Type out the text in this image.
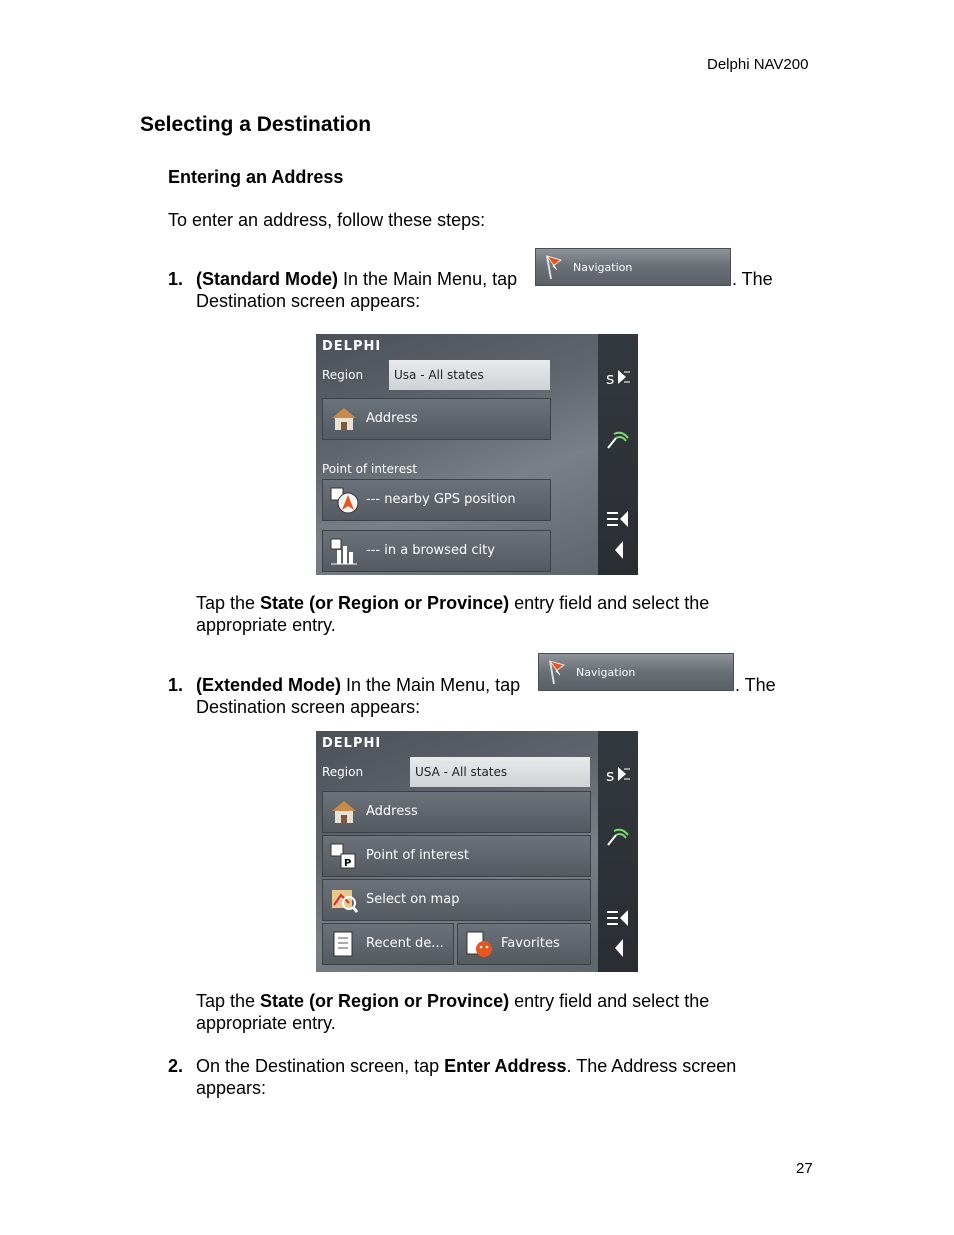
Delphi NAV200
Selecting a Destination
Entering an Address
To enter an address, follow these steps:
1. (Standard Mode) In the Main Menu, tap
Navigation
. The
Destination screen appears:
DELPHI
Region	Usa - All states
Address
Point of interest
--- nearby GPS position
--- in a browsed city
s
Tap the State (or Region or Province) entry field and select the
appropriate entry.
1. (Extended Mode) In the Main Menu, tap
Navigation
. The
Destination screen appears:
DELPHI
Region	USA - All states
Address
P
Point of interest
Select on map
Recent de...	Favorites
s
Tap the State (or Region or Province) entry field and select the
appropriate entry.
2. On the Destination screen, tap Enter Address. The Address screen
appears:
27
